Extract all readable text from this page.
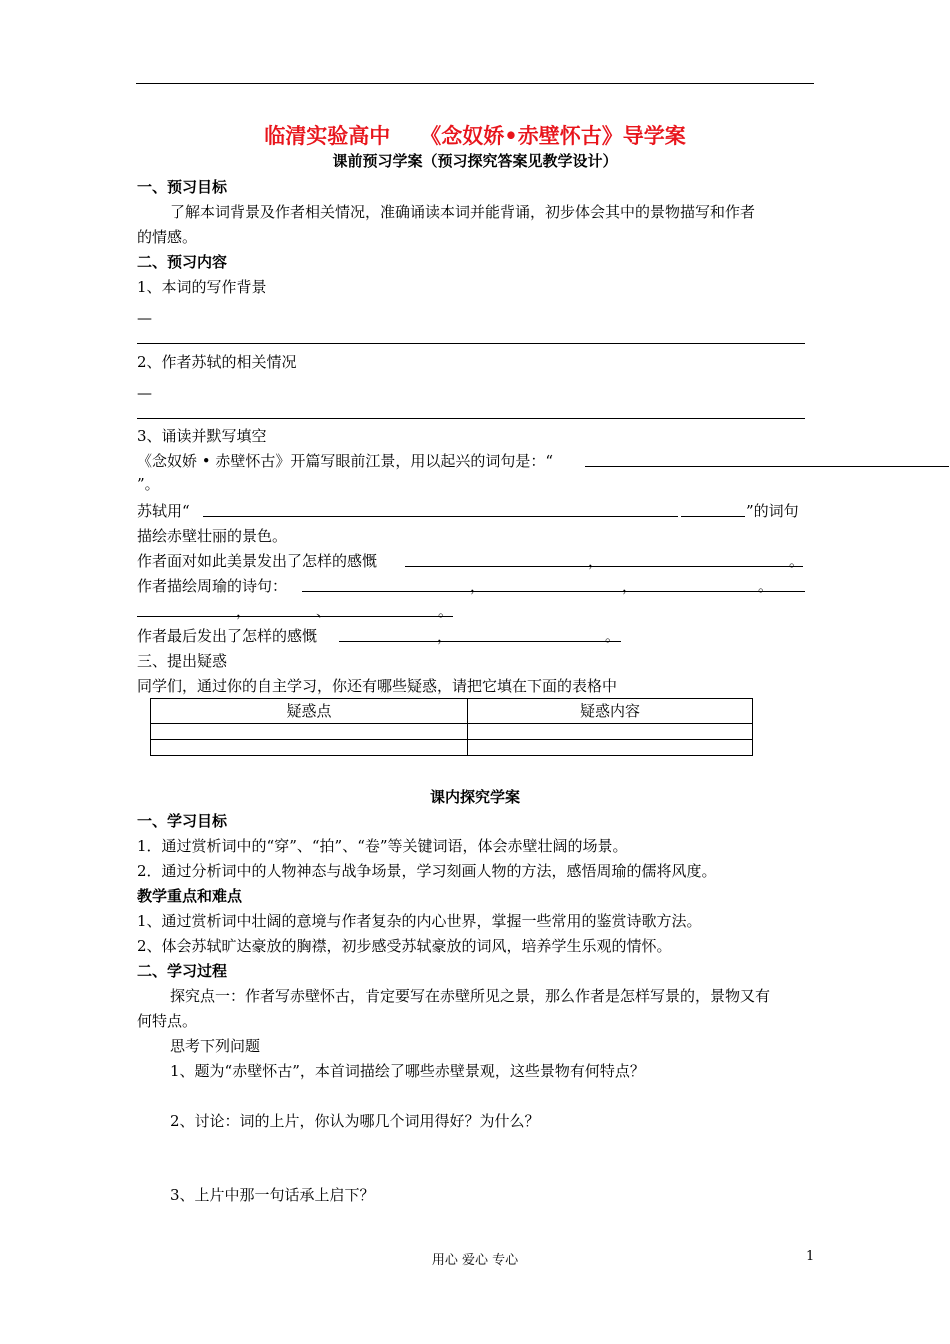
临清实验高中 《念奴娇•赤壁怀古》导学案
课前预习学案（预习探究答案见教学设计）
一、预习目标
了解本词背景及作者相关情况，准确诵读本词并能背诵，初步体会其中的景物描写和作者
的情感。
二、预习内容
1、本词的写作背景
—
2、作者苏轼的相关情况
—
3、诵读并默写填空
《念奴娇 • 赤壁怀古》开篇写眼前江景，用以起兴的词句是：“
”。
苏轼用“	”的词句
描绘赤壁壮丽的景色。
作者面对如此美景发出了怎样的感慨	，	。
作者描绘周瑜的诗句：	，	，	。
，	、	。
作者最后发出了怎样的感慨	，	。
三、提出疑惑
同学们，通过你的自主学习，你还有哪些疑惑，请把它填在下面的表格中
疑惑点	疑惑内容

课内探究学案
一、学习目标
1．通过赏析词中的“穿”、“拍”、“卷”等关键词语，体会赤壁壮阔的场景。
2．通过分析词中的人物神态与战争场景，学习刻画人物的方法，感悟周瑜的儒将风度。
教学重点和难点
1、通过赏析词中壮阔的意境与作者复杂的内心世界，掌握一些常用的鉴赏诗歌方法。
2、体会苏轼旷达豪放的胸襟，初步感受苏轼豪放的词风，培养学生乐观的情怀。
二、学习过程
探究点一：作者写赤壁怀古，肯定要写在赤壁所见之景，那么作者是怎样写景的，景物又有
何特点。
思考下列问题
1、题为“赤壁怀古”，本首词描绘了哪些赤壁景观，这些景物有何特点？
2、讨论：词的上片，你认为哪几个词用得好？为什么？
3、上片中那一句话承上启下？
用心 爱心 专心	1
